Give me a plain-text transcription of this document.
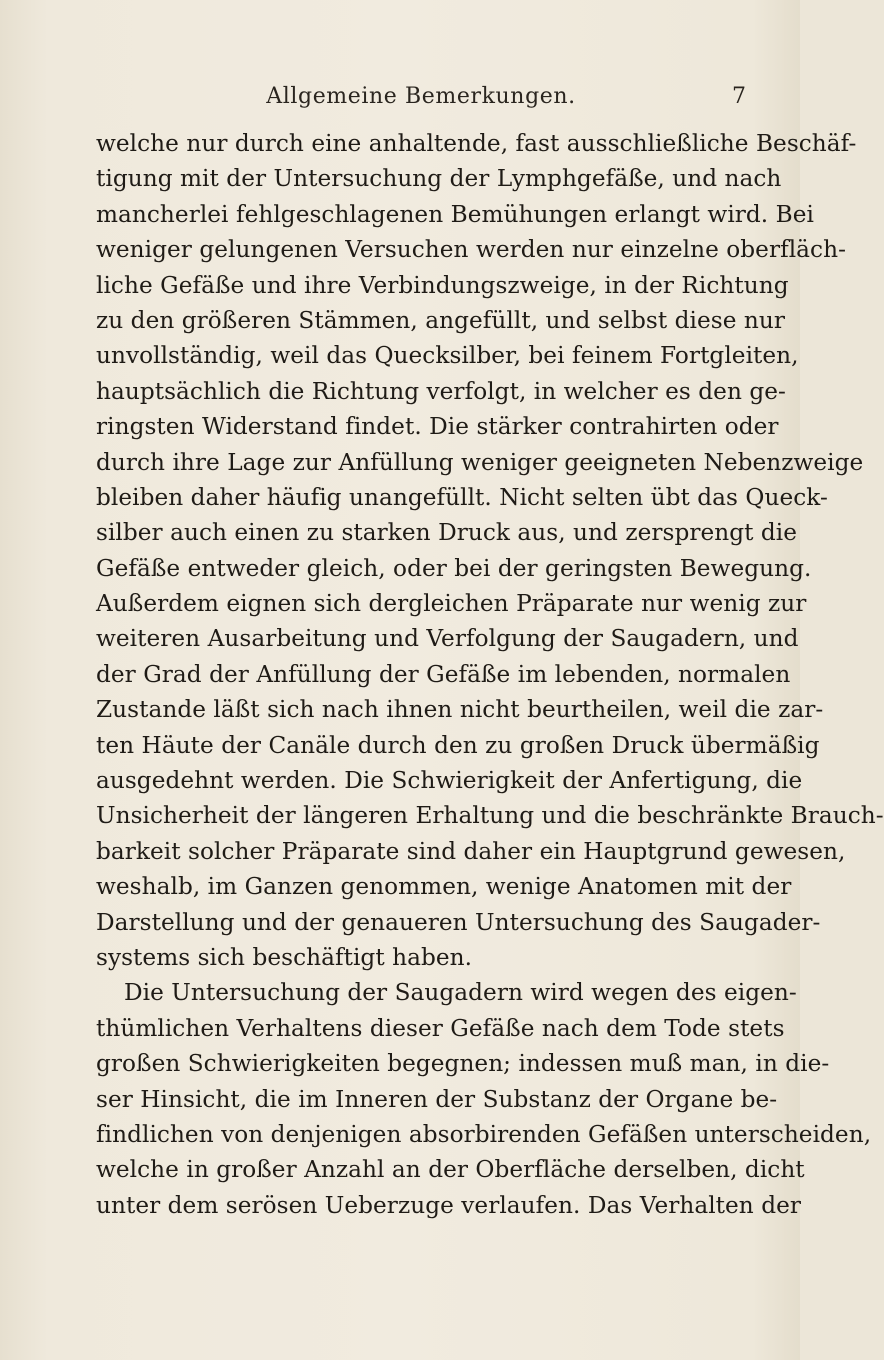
Allgemeine Bemerkungen.	7
welche nur durch eine anhaltende, fast ausschließliche Beschäf-
tigung mit der Untersuchung der Lymphgefäße, und nach
mancherlei fehlgeschlagenen Bemühungen erlangt wird. Bei
weniger gelungenen Versuchen werden nur einzelne oberfläch-
liche Gefäße und ihre Verbindungszweige, in der Richtung
zu den größeren Stämmen, angefüllt, und selbst diese nur
unvollständig, weil das Quecksilber, bei feinem Fortgleiten,
hauptsächlich die Richtung verfolgt, in welcher es den ge-
ringsten Widerstand findet. Die stärker contrahirten oder
durch ihre Lage zur Anfüllung weniger geeigneten Nebenzweige
bleiben daher häufig unangefüllt. Nicht selten übt das Queck-
silber auch einen zu starken Druck aus, und zersprengt die
Gefäße entweder gleich, oder bei der geringsten Bewegung.
Außerdem eignen sich dergleichen Präparate nur wenig zur
weiteren Ausarbeitung und Verfolgung der Saugadern, und
der Grad der Anfüllung der Gefäße im lebenden, normalen
Zustande läßt sich nach ihnen nicht beurtheilen, weil die zar-
ten Häute der Canäle durch den zu großen Druck übermäßig
ausgedehnt werden. Die Schwierigkeit der Anfertigung, die
Unsicherheit der längeren Erhaltung und die beschränkte Brauch-
barkeit solcher Präparate sind daher ein Hauptgrund gewesen,
weshalb, im Ganzen genommen, wenige Anatomen mit der
Darstellung und der genaueren Untersuchung des Saugader-
systems sich beschäftigt haben.
Die Untersuchung der Saugadern wird wegen des eigen-
thümlichen Verhaltens dieser Gefäße nach dem Tode stets
großen Schwierigkeiten begegnen; indessen muß man, in die-
ser Hinsicht, die im Inneren der Substanz der Organe be-
findlichen von denjenigen absorbirenden Gefäßen unterscheiden,
welche in großer Anzahl an der Oberfläche derselben, dicht
unter dem serösen Ueberzuge verlaufen. Das Verhalten der
